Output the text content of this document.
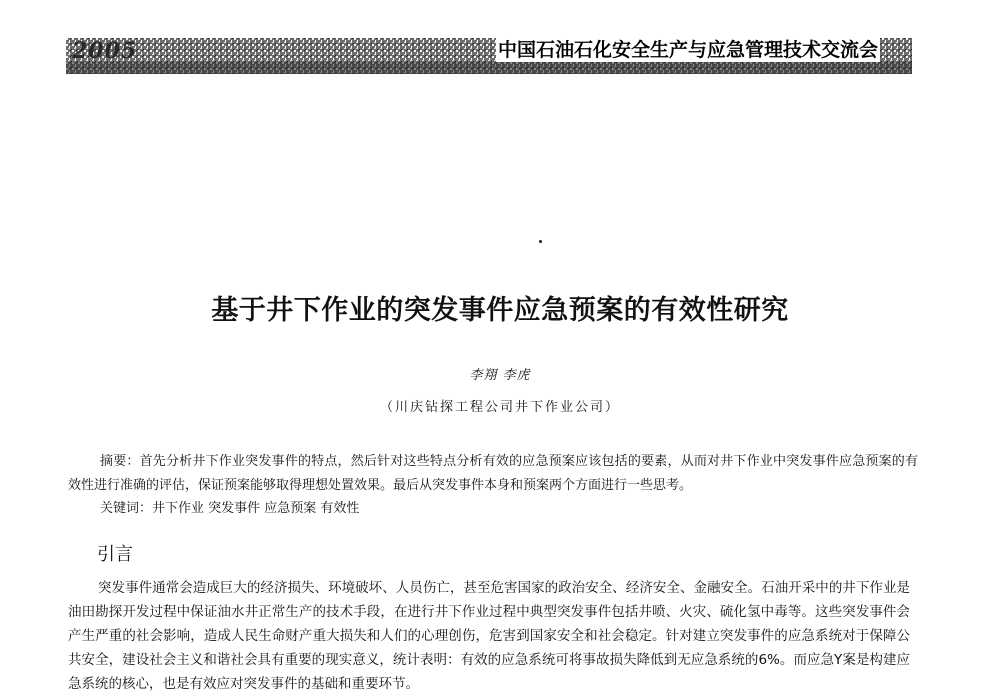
2005	中国石油石化安全生产与应急管理技术交流会
基于井下作业的突发事件应急预案的有效性研究
李翔 李虎
（川庆钻探工程公司井下作业公司）
摘要：首先分析井下作业突发事件的特点，然后针对这些特点分析有效的应急预案应该包括的要素，从而对井下作业中突发事件应急预案的有效性进行准确的评估，保证预案能够取得理想处置效果。最后从突发事件本身和预案两个方面进行一些思考。
关键词：井下作业 突发事件 应急预案 有效性
引言
突发事件通常会造成巨大的经济损失、环境破坏、人员伤亡，甚至危害国家的政治安全、经济安全、金融安全。石油开采中的井下作业是油田勘探开发过程中保证油水井正常生产的技术手段，在进行井下作业过程中典型突发事件包括井喷、火灾、硫化氢中毒等。这些突发事件会产生严重的社会影响，造成人民生命财产重大损失和人们的心理创伤，危害到国家安全和社会稳定。针对建立突发事件的应急系统对于保障公共安全，建设社会主义和谐社会具有重要的现实意义，统计表明：有效的应急系统可将事故损失降低到无应急系统的6%。而应急Y案是构建应急系统的核心，也是有效应对突发事件的基础和重要环节。
